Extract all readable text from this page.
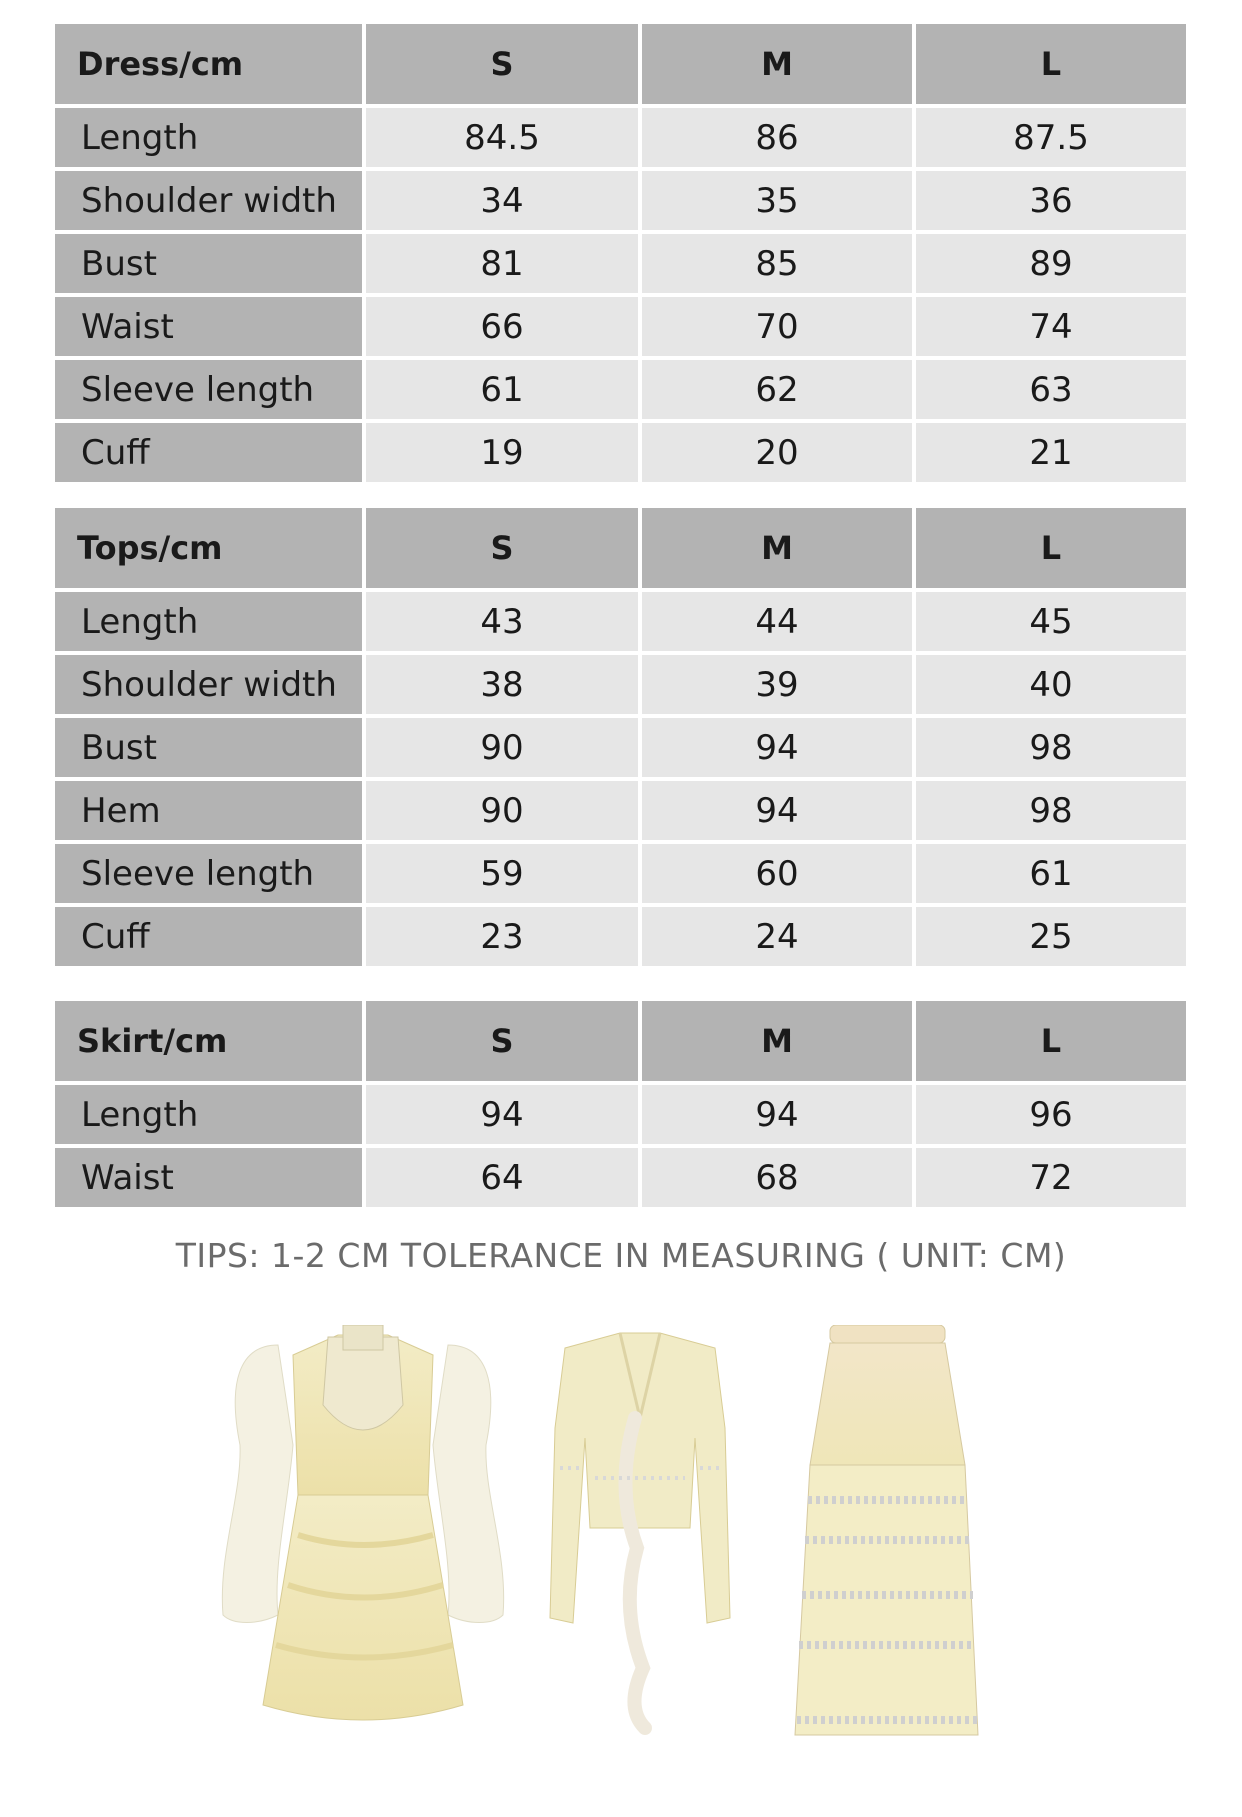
Dress/cm	S	M	L
Length	84.5	86	87.5
Shoulder width	34	35	36
Bust	81	85	89
Waist	66	70	74
Sleeve length	61	62	63
Cuff	19	20	21
Tops/cm	S	M	L
Length	43	44	45
Shoulder width	38	39	40
Bust	90	94	98
Hem	90	94	98
Sleeve length	59	60	61
Cuff	23	24	25
Skirt/cm	S	M	L
Length	94	94	96
Waist	64	68	72
TIPS: 1-2 CM TOLERANCE IN MEASURING ( UNIT: CM)
